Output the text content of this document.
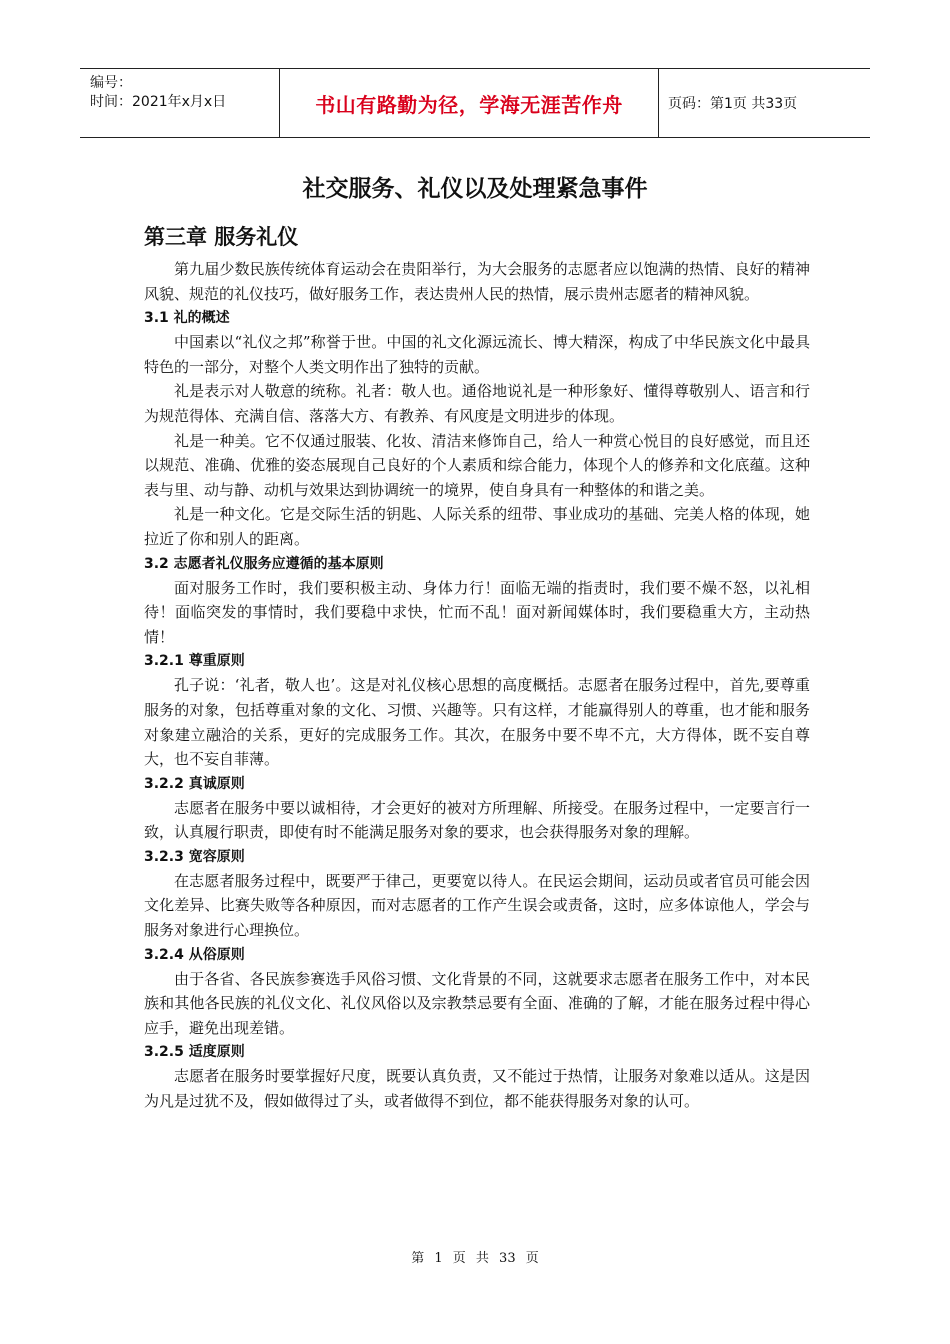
编号：
时间：2021年x月x日	书山有路勤为径，学海无涯苦作舟	页码：第1页 共33页
社交服务、礼仪以及处理紧急事件
第三章 服务礼仪

第九届少数民族传统体育运动会在贵阳举行，为大会服务的志愿者应以饱满的热情、良好的精神风貌、规范的礼仪技巧，做好服务工作，表达贵州人民的热情，展示贵州志愿者的精神风貌。

3.1 礼的概述

中国素以“礼仪之邦”称誉于世。中国的礼文化源远流长、博大精深，构成了中华民族文化中最具特色的一部分，对整个人类文明作出了独特的贡献。

礼是表示对人敬意的统称。礼者：敬人也。通俗地说礼是一种形象好、懂得尊敬别人、语言和行为规范得体、充满自信、落落大方、有教养、有风度是文明进步的体现。

礼是一种美。它不仅通过服装、化妆、清洁来修饰自己，给人一种赏心悦目的良好感觉，而且还以规范、准确、优雅的姿态展现自己良好的个人素质和综合能力，体现个人的修养和文化底蕴。这种表与里、动与静、动机与效果达到协调统一的境界，使自身具有一种整体的和谐之美。

礼是一种文化。它是交际生活的钥匙、人际关系的纽带、事业成功的基础、完美人格的体现，她拉近了你和别人的距离。

3.2 志愿者礼仪服务应遵循的基本原则

面对服务工作时，我们要积极主动、身体力行！面临无端的指责时，我们要不燥不怒，以礼相待！面临突发的事情时，我们要稳中求快，忙而不乱！面对新闻媒体时，我们要稳重大方，主动热情！

3.2.1 尊重原则

孔子说：‘礼者，敬人也’。这是对礼仪核心思想的高度概括。志愿者在服务过程中，首先,要尊重服务的对象，包括尊重对象的文化、习惯、兴趣等。只有这样，才能赢得别人的尊重，也才能和服务对象建立融洽的关系，更好的完成服务工作。其次，在服务中要不卑不亢，大方得体，既不妄自尊大，也不妄自菲薄。

3.2.2 真诚原则

志愿者在服务中要以诚相待，才会更好的被对方所理解、所接受。在服务过程中，一定要言行一致，认真履行职责，即使有时不能满足服务对象的要求，也会获得服务对象的理解。

3.2.3 宽容原则

在志愿者服务过程中，既要严于律己，更要宽以待人。在民运会期间，运动员或者官员可能会因文化差异、比赛失败等各种原因，而对志愿者的工作产生误会或责备，这时，应多体谅他人，学会与服务对象进行心理换位。

3.2.4 从俗原则

由于各省、各民族参赛选手风俗习惯、文化背景的不同，这就要求志愿者在服务工作中，对本民族和其他各民族的礼仪文化、礼仪风俗以及宗教禁忌要有全面、准确的了解，才能在服务过程中得心应手，避免出现差错。

3.2.5 适度原则

志愿者在服务时要掌握好尺度，既要认真负责，又不能过于热情，让服务对象难以适从。这是因为凡是过犹不及，假如做得过了头，或者做得不到位，都不能获得服务对象的认可。

第 1 页 共 33 页
